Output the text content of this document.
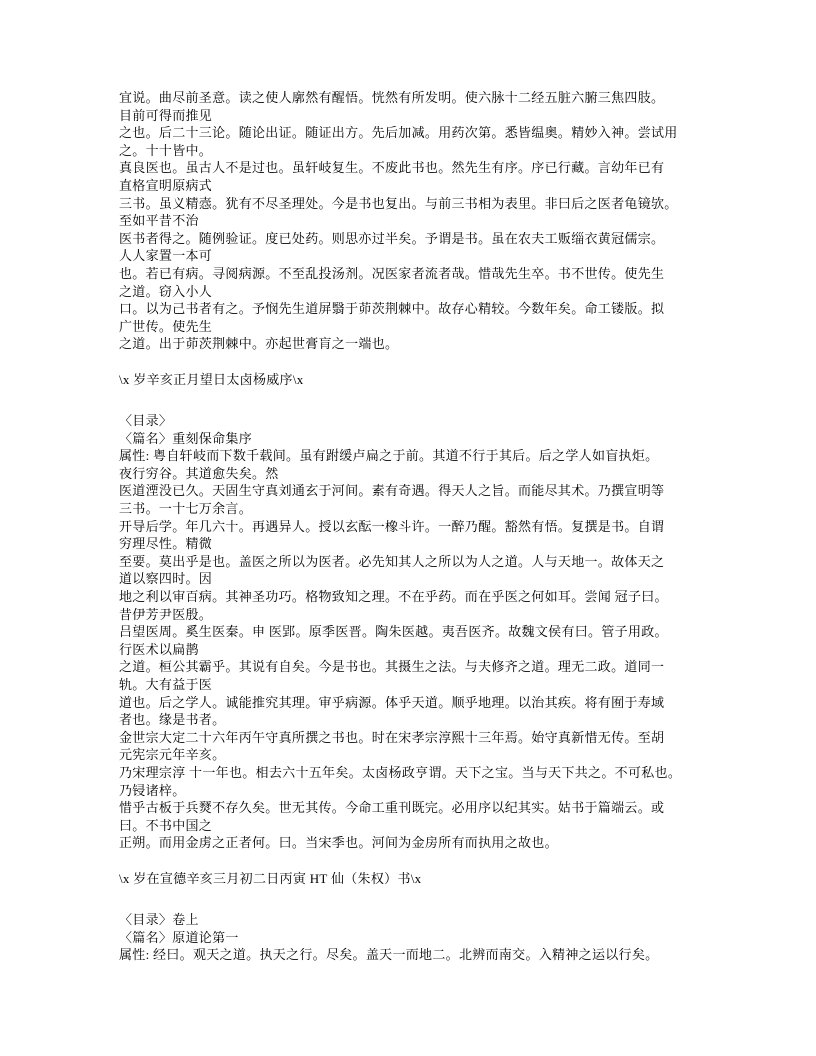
宜说。曲尽前圣意。读之使人廓然有醒悟。恍然有所发明。使六脉十二经五脏六腑三焦四肢。
目前可得而推见
之也。后二十三论。随论出证。随证出方。先后加减。用药次第。悉皆缊奥。精妙入神。尝试用
之。十十皆中。
真良医也。虽古人不是过也。虽轩岐复生。不废此书也。然先生有序。序已行藏。言幼年已有
直格宣明原病式
三书。虽义精悫。犹有不尽圣理处。今是书也复出。与前三书相为表里。非曰后之医者龟镜欤。
至如平昔不治
医书者得之。随例验证。度已处药。则思亦过半矣。予谓是书。虽在农夫工贩缁衣黄冠儒宗。
人人家置一本可
也。若已有病。寻阅病源。不至乱投汤剂。况医家者流者哉。惜哉先生卒。书不世传。使先生
之道。窃入小人
口。以为己书者有之。予悯先生道屏翳于茆茨荆棘中。故存心精较。今数年矣。命工镂版。拟
广世传。使先生
之道。出于茆茨荆棘中。亦起世膏肓之一端也。
\x 岁辛亥正月望日太卤杨威序\x
〈目录〉
〈篇名〉重刻保命集序
属性: 粤自轩岐而下数千载间。虽有跗缓卢扁之于前。其道不行于其后。后之学人如盲执炬。
夜行穷谷。其道愈失矣。然
医道湮没已久。天固生守真刘通玄于河间。素有奇遇。得天人之旨。而能尽其术。乃撰宣明等
三书。一十七万余言。
开导后学。年几六十。再遇异人。授以玄酝一橡斗许。一醉乃醒。豁然有悟。复撰是书。自谓
穷理尽性。精微
至要。莫出乎是也。盖医之所以为医者。必先知其人之所以为人之道。人与天地一。故体天之
道以察四时。因
地之利以审百病。其神圣功巧。格物致知之理。不在乎药。而在乎医之何如耳。尝闻 冠子曰。
昔伊芳尹医殷。
吕望医周。奚生医秦。申 医郢。原季医晋。陶朱医越。夷吾医齐。故魏文侯有曰。管子用政。
行医术以扁鹊
之道。桓公其霸乎。其说有自矣。今是书也。其摄生之法。与夫修齐之道。理无二政。道同一
轨。大有益于医
道也。后之学人。诚能推究其理。审乎病源。体乎天道。顺乎地理。以治其疾。将有囿于寿域
者也。缘是书者。
金世宗大定二十六年丙午守真所撰之书也。时在宋孝宗淳熙十三年焉。始守真新惜无传。至胡
元宪宗元年辛亥。
乃宋理宗淳 十一年也。相去六十五年矣。太卤杨政亨谓。天下之宝。当与天下共之。不可私也。
乃锓诸梓。
惜乎古板于兵燹不存久矣。世无其传。今命工重刊既完。必用序以纪其实。姑书于篇端云。或
曰。不书中国之
正朔。而用金虏之正者何。曰。当宋季也。河间为金房所有而执用之故也。
\x 岁在宣德辛亥三月初二日丙寅 HT 仙（朱权）书\x
〈目录〉卷上
〈篇名〉原道论第一
属性: 经曰。观天之道。执天之行。尽矣。盖天一而地二。北辨而南交。入精神之运以行矣。
